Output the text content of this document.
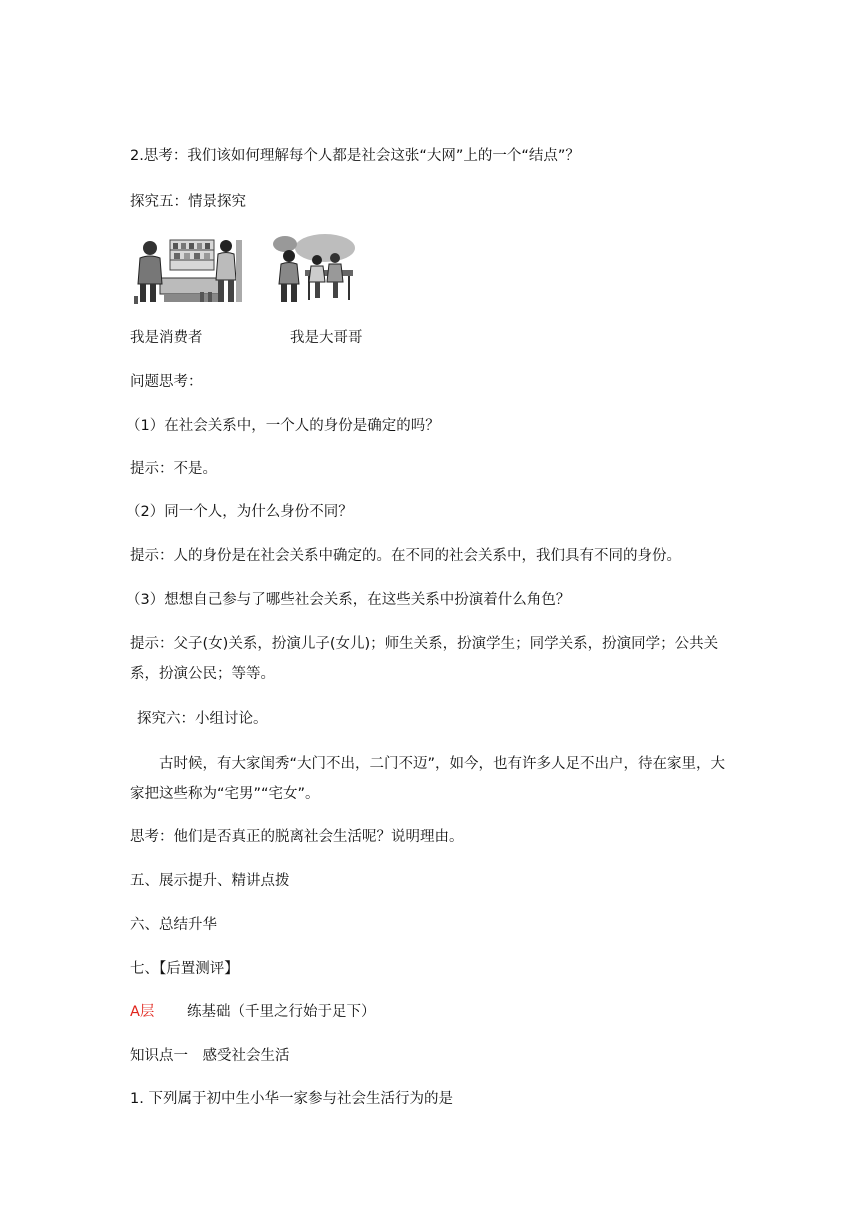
2.思考：我们该如何理解每个人都是社会这张“大网”上的一个“结点”？
探究五：情景探究
我是消费者	我是大哥哥
问题思考：
（1）在社会关系中，一个人的身份是确定的吗？
提示：不是。
（2）同一个人，为什么身份不同？
提示：人的身份是在社会关系中确定的。在不同的社会关系中，我们具有不同的身份。
（3）想想自己参与了哪些社会关系，在这些关系中扮演着什么角色？
提示：父子(女)关系，扮演儿子(女儿)；师生关系，扮演学生；同学关系，扮演同学；公共关系，扮演公民；等等。
探究六：小组讨论。
古时候，有大家闺秀“大门不出，二门不迈”，如今，也有许多人足不出户，待在家里，大家把这些称为“宅男”“宅女”。
思考：他们是否真正的脱离社会生活呢？说明理由。
五、展示提升、精讲点拨
六、总结升华
七、【后置测评】
A层 练基础（千里之行始于足下）
知识点一　感受社会生活
1. 下列属于初中生小华一家参与社会生活行为的是
